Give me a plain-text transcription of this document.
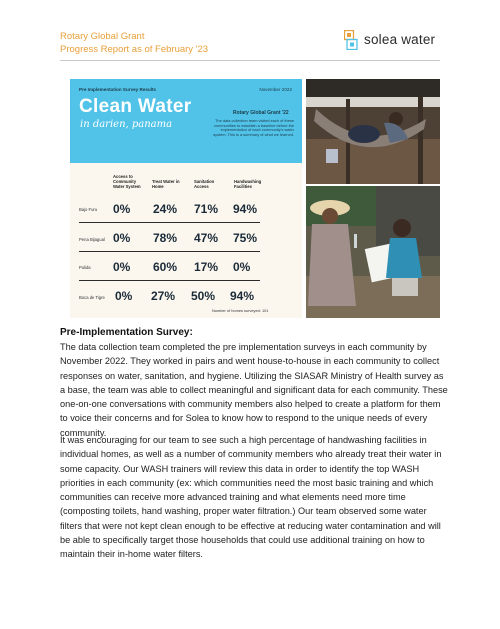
Rotary Global Grant
Progress Report as of February '23
solea water
Pre Implementation Survey Results	November 2022
Clean Water
in darien, panama
Rotary Global Grant '22
The data collection team visited each of these communities to establish a baseline before the implementation of each community's water system. This is a summary of what we learned.
Access to Community Water System
Treat Water in Home
Sanitation Access
Handwashing Facilities
Bajo Furu 0% 24% 71% 94%
Pena Bijagual 0% 78% 47% 75%
Pulida 0% 60% 17% 0%
Boca de Tigre 0% 27% 50% 94%
Number of homes surveyed: 101
Pre-Implementation Survey:

The data collection team completed the pre implementation surveys in each community by November 2022. They worked in pairs and went house-to-house in each community to collect responses on water, sanitation, and hygiene. Utilizing the SIASAR Ministry of Health survey as a base, the team was able to collect meaningful and significant data for each community. These one-on-one conversations with community members also helped to create a platform for them to voice their concerns and for Solea to know how to respond to the unique needs of every community.

It was encouraging for our team to see such a high percentage of handwashing facilities in individual homes, as well as a number of community members who already treat their water in some capacity. Our WASH trainers will review this data in order to identify the top WASH priorities in each community (ex: which communities need the most basic training and which communities can receive more advanced training and what elements need more time (composting toilets, hand washing, proper water filtration.) Our team observed some water filters that were not kept clean enough to be effective at reducing water contamination and will be able to specifically target those households that could use additional training on how to maintain their in-home water filters.
